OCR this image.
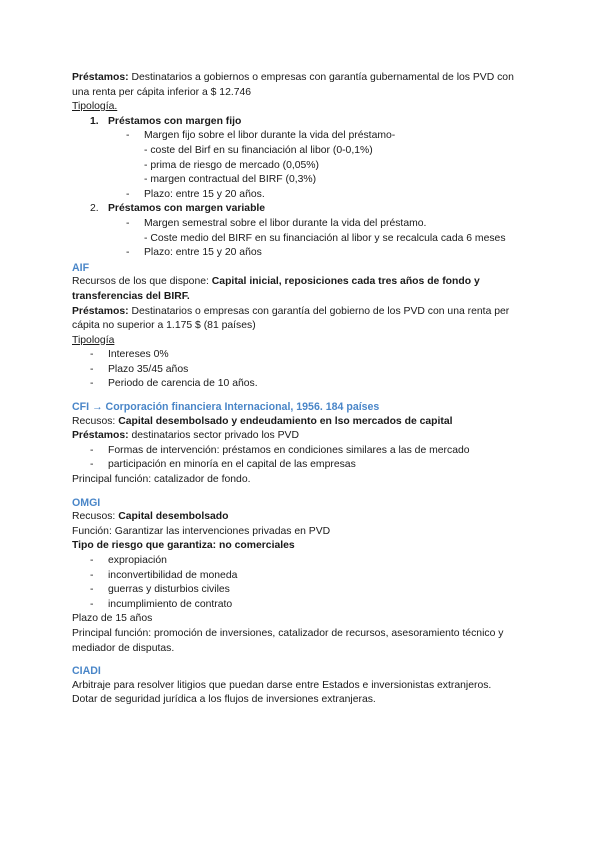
Préstamos: Destinatarios a gobiernos o empresas con garantía gubernamental de los PVD con una renta per cápita inferior a $ 12.746

Tipología.

1. Préstamos con margen fijo
- Margen fijo sobre el libor durante la vida del préstamo-
- coste del Birf en su financiación al libor (0-0,1%)
- prima de riesgo de mercado (0,05%)
- margen contractual del BIRF (0,3%)
- Plazo: entre 15 y 20 años.
2. Préstamos con margen variable
- Margen semestral sobre el libor durante la vida del préstamo.
- Coste medio del BIRF en su financiación al libor y se recalcula cada 6 meses
- Plazo: entre 15 y 20 años

AIF

Recursos de los que dispone: Capital inicial, reposiciones cada tres años de fondo y transferencias del BIRF.

Préstamos: Destinatarios o empresas con garantía del gobierno de los PVD con una renta per cápita no superior a 1.175 $ (81 países)

Tipología

- Intereses 0%
- Plazo 35/45 años
- Periodo de carencia de 10 años.

CFI → Corporación financiera Internacional, 1956. 184 países

Recusos: Capital desembolsado y endeudamiento en lso mercados de capital

Préstamos: destinatarios sector privado los PVD

- Formas de intervención: préstamos en condiciones similares a las de mercado
- participación en minoría en el capital de las empresas

Principal función: catalizador de fondo.

OMGI

Recusos: Capital desembolsado

Función: Garantizar las intervenciones privadas en PVD

Tipo de riesgo que garantiza: no comerciales

- expropiación
- inconvertibilidad de moneda
- guerras y disturbios civiles
- incumplimiento de contrato

Plazo de 15 años

Principal función: promoción de inversiones, catalizador de recursos, asesoramiento técnico y mediador de disputas.

CIADI

Arbitraje para resolver litigios que puedan darse entre Estados e inversionistas extranjeros.

Dotar de seguridad jurídica a los flujos de inversiones extranjeras.
